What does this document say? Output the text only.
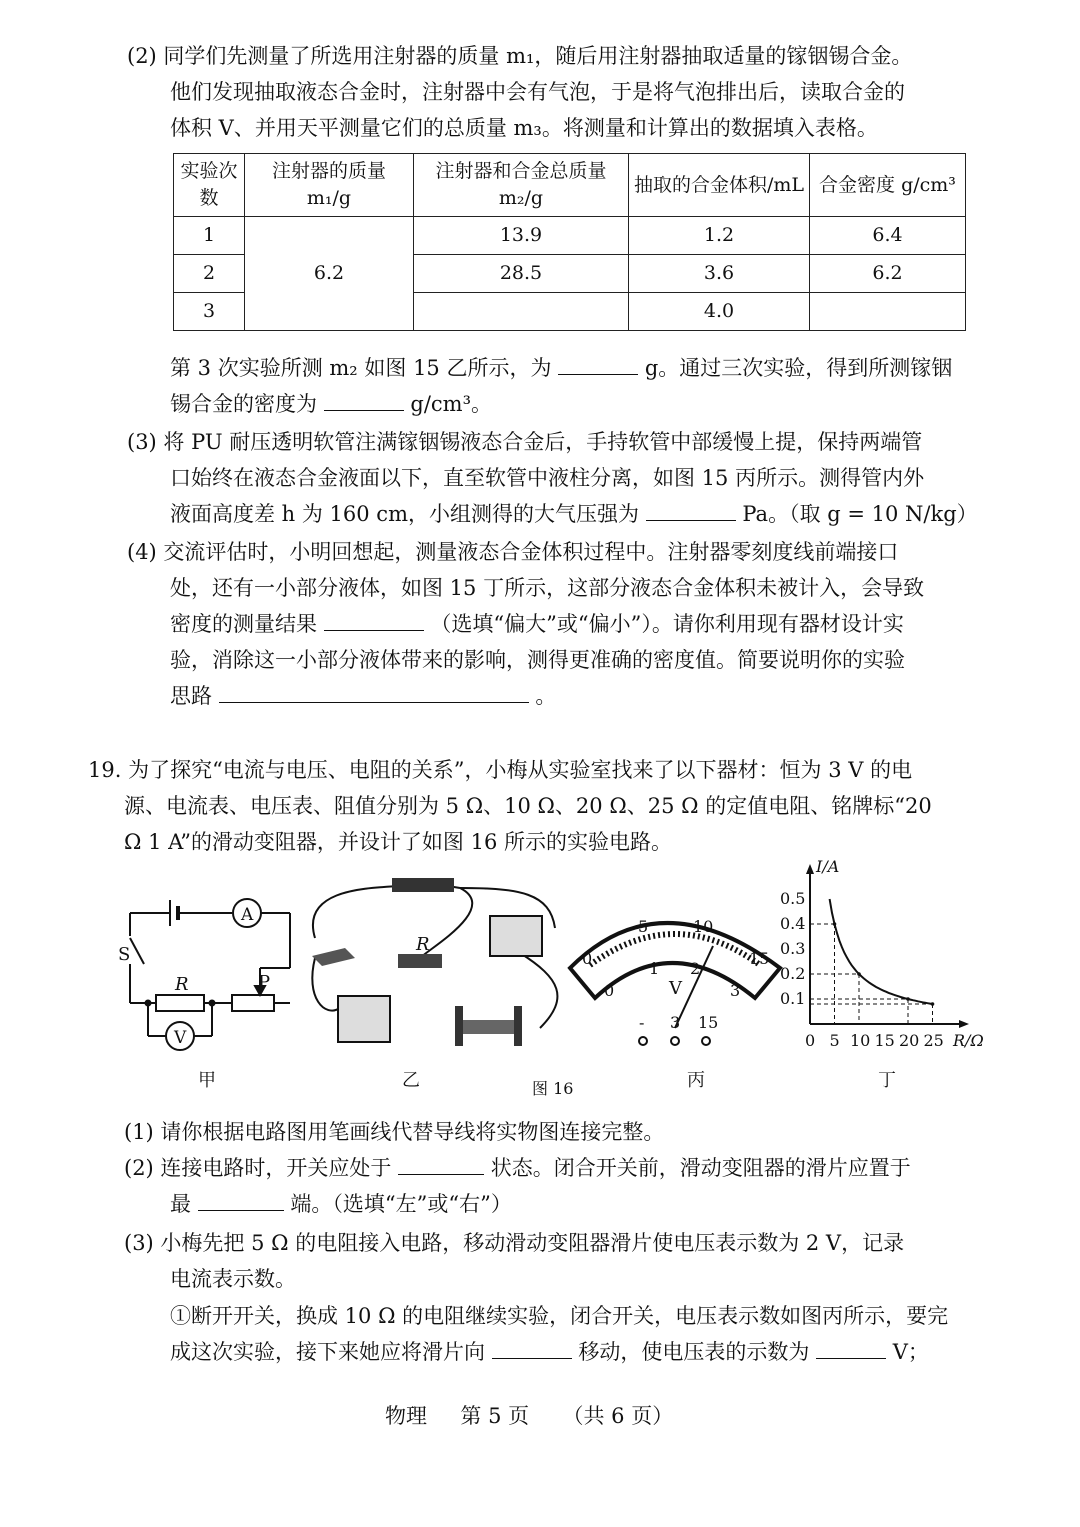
(2) 同学们先测量了所选用注射器的质量 m₁，随后用注射器抽取适量的镓铟锡合金。
他们发现抽取液态合金时，注射器中会有气泡，于是将气泡排出后，读取合金的
体积 V、并用天平测量它们的总质量 m₃。将测量和计算出的数据填入表格。
实验次数	注射器的质量 m₁/g	注射器和合金总质量 m₂/g	抽取的合金体积/mL	合金密度 g/cm³
1	6.2	13.9	1.2	6.4
2		28.5	3.6	6.2
3			4.0	
第 3 次实验所测 m₂ 如图 15 乙所示，为	g。通过三次实验，得到所测镓铟
锡合金的密度为	g/cm³。
(3) 将 PU 耐压透明软管注满镓铟锡液态合金后，手持软管中部缓慢上提，保持两端管
口始终在液态合金液面以下，直至软管中液柱分离，如图 15 丙所示。测得管内外
液面高度差 h 为 160 cm，小组测得的大气压强为	Pa。（取 g = 10 N/kg）
(4) 交流评估时，小明回想起，测量液态合金体积过程中。注射器零刻度线前端接口
处，还有一小部分液体，如图 15 丁所示，这部分液态合金体积未被计入，会导致
密度的测量结果	（选填“偏大”或“偏小”）。请你利用现有器材设计实
验，消除这一小部分液体带来的影响，测得更准确的密度值。简要说明你的实验
思路	。
19. 为了探究“电流与电压、电阻的关系”，小梅从实验室找来了以下器材：恒为 3 V 的电
源、电流表、电压表、阻值分别为 5 Ω、10 Ω、20 Ω、25 Ω 的定值电阻、铭牌标“20
Ω 1 A”的滑动变阻器，并设计了如图 16 所示的实验电路。
A
V
S
R	P
R
0
5	10
15
0
1 2
3
V
- 3 15
I/A
R/Ω
0 5 10 15 20 25
0.1
0.2
0.3
0.4
0.5
甲	乙	丙	丁
图 16
(1) 请你根据电路图用笔画线代替导线将实物图连接完整。
(2) 连接电路时，开关应处于	状态。闭合开关前，滑动变阻器的滑片应置于
最	端。（选填“左”或“右”）
(3) 小梅先把 5 Ω 的电阻接入电路，移动滑动变阻器滑片使电压表示数为 2 V，记录
电流表示数。
①断开开关，换成 10 Ω 的电阻继续实验，闭合开关，电压表示数如图丙所示，要完
成这次实验，接下来她应将滑片向	移动，使电压表的示数为	V；
物理 第 5 页 （共 6 页）
